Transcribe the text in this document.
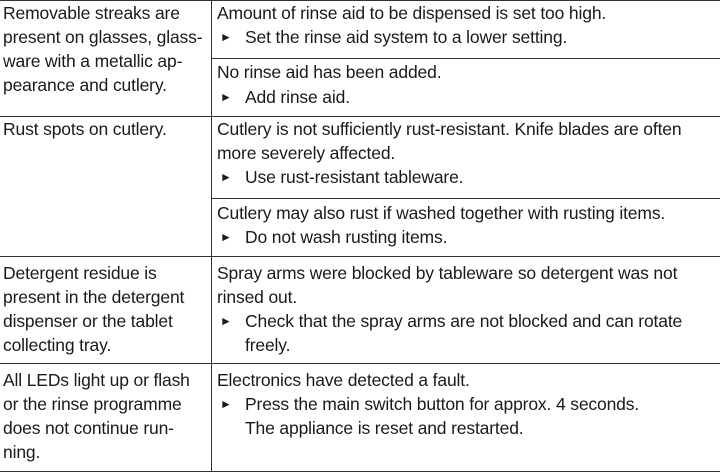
Removable streaks are
present on glasses, glass-
ware with a metallic ap-
pearance and cutlery.
Amount of rinse aid to be dispensed is set too high.
► Set the rinse aid system to a lower setting.
No rinse aid has been added.
► Add rinse aid.
Rust spots on cutlery.	Cutlery is not sufficiently rust-resistant. Knife blades are often
more severely affected.
► Use rust-resistant tableware.
Cutlery may also rust if washed together with rusting items.
► Do not wash rusting items.
Detergent residue is
present in the detergent
dispenser or the tablet
collecting tray.
Spray arms were blocked by tableware so detergent was not
rinsed out.
► Check that the spray arms are not blocked and can rotate
freely.
All LEDs light up or flash
or the rinse programme
does not continue run-
ning.
Electronics have detected a fault.
► Press the main switch button for approx. 4 seconds.
The appliance is reset and restarted.
